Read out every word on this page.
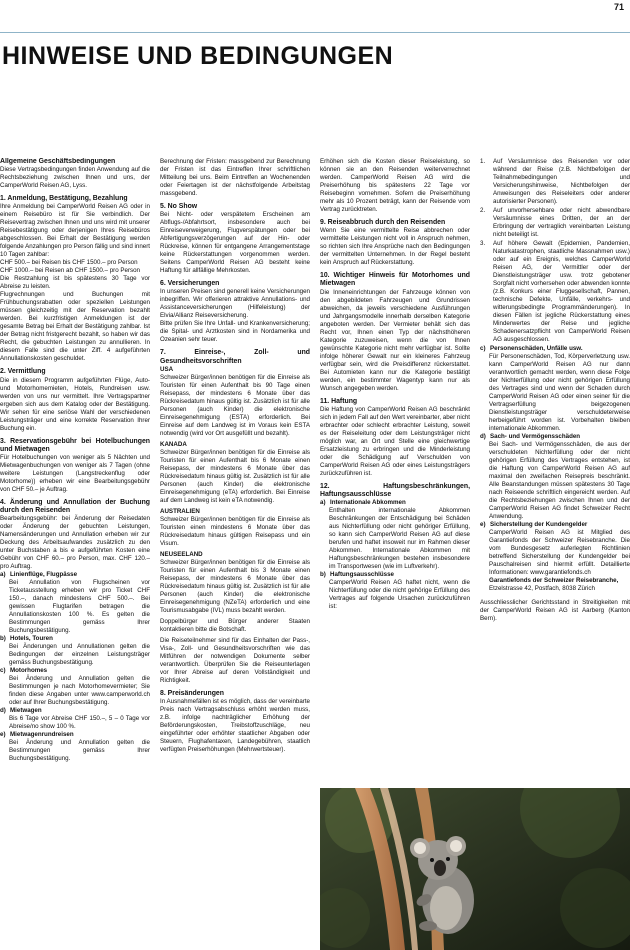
71
HINWEISE UND BEDINGUNGEN
Allgemeine Geschäftsbedingungen

Diese Vertragsbedingungen finden Anwendung auf die Rechtsbeziehung zwischen Ihnen und uns, der CamperWorld Reisen AG, Lyss.

1. Anmeldung, Bestätigung, Bezahlung

Ihre Anmeldung bei CamperWorld Reisen AG oder in einem Reisebüro ist für Sie verbindlich. Der Reisevertrag zwischen Ihnen und uns wird mit unserer Reisebestätigung oder derjenigen Ihres Reisebüros abgeschlossen. Bei Erhalt der Bestätigung werden folgende Anzahlungen pro Person fällig und sind innert 10 Tagen zahlbar:

CHF 500.– bei Reisen bis CHF 1500.– pro Person

CHF 1000.– bei Reisen ab CHF 1500.– pro Person

Die Restzahlung ist bis spätestens 30 Tage vor Abreise zu leisten.

Flugrechnungen und Buchungen mit Frühbuchungsrabatten oder speziellen Leistungen müssen gleichzeitig mit der Reservation bezahlt werden. Bei kurzfristigen Anmeldungen ist der gesamte Betrag bei Erhalt der Bestätigung zahlbar. Ist der Betrag nicht fristgerecht bezahlt, so haben wir das Recht, die gebuchten Leistungen zu annullieren. In diesem Falle sind die unter Ziff. 4 aufgeführten Annullationskosten geschuldet.

2. Vermittlung

Die in diesem Programm aufgeführten Flüge, Auto- und Motorhomemieten, Hotels, Rundreisen usw. werden von uns nur vermittelt. Ihre Vertragspartner ergeben sich aus dem Katalog oder der Bestätigung. Wir sehen für eine seriöse Wahl der verschiedenen Leistungsträger und eine korrekte Reservation Ihrer Buchung ein.

3. Reservationsgebühr bei Hotelbuchungen und Mietwagen

Für Hotelbuchungen von weniger als 5 Nächten und Mietwagenbuchungen von weniger als 7 Tagen (ohne weitere Leistungen (Langstreckenflug oder Motorhome)) erheben wir eine Bearbeitungsgebühr von CHF 50.– je Auftrag.

4. Änderung und Annullation der Buchung durch den Reisenden

Bearbeitungsgebühr: bei Änderung der Reisedaten oder Änderung der gebuchten Leistungen, Namensänderungen und Annullation erheben wir zur Deckung des Arbeitsaufwandes zusätzlich zu den unter Buchstaben a bis e aufgeführten Kosten eine Gebühr von CHF 60.– pro Person, max. CHF 120.– pro Auftrag.

a) Linienflüge, Flugpässe

Bei Annullation von Flugscheinen vor Ticketausstellung erheben wir pro Ticket CHF 150.–, danach mindestens CHF 500.–. Bei gewissen Flugtarifen betragen die Annullationskosten 100 %. Es gelten die Bestimmungen gemäss Ihrer Buchungsbestätigung.

b) Hotels, Touren

Bei Änderungen und Annullationen gelten die Bedingungen der einzelnen Leistungsträger gemäss Buchungsbestätigung.

c) Motorhomes

Bei Änderung und Annullation gelten die Bestimmungen je nach Motorhomevermieter; Sie finden diese Angaben unter www.camperworld.ch oder auf Ihrer Buchungsbestätigung.

d) Mietwagen

Bis 6 Tage vor Abreise CHF 150.–, 5 – 0 Tage vor Abreise/no show 100 %.

e) Mietwagenrundreisen

Bei Änderung und Annullation gelten die Bestimmungen gemäss Ihrer Buchungsbestätigung.

Berechnung der Fristen: massgebend zur Berechnung der Fristen ist das Eintreffen Ihrer schriftlichen Mitteilung bei uns. Beim Eintreffen an Wochenenden oder Feiertagen ist der nächstfolgende Arbeitstag massgebend.

5. No Show

Bei Nicht- oder verspätetem Erscheinen am Abflugs-/Abfahrtsort, insbesondere auch bei Einreiseverweigerung, Flugverspätungen oder bei Abfertigungsverzögerungen auf der Hin- oder Rückreise, können für entgangene Arrangementstage keine Rückerstattungen vorgenommen werden. Seitens CamperWorld Reisen AG besteht keine Haftung für allfällige Mehrkosten.

6. Versicherungen

In unseren Preisen sind generell keine Versicherungen inbegriffen. Wir offerieren attraktive Annullations- und Assistanceversicherungen (Hilfeleistung) der Elvia/Allianz Reiseversicherung.

Bitte prüfen Sie Ihre Unfall- und Krankenversicherung; die Spital- und Arztkosten sind in Nordamerika und Ozeanien sehr teuer.

7. Einreise-, Zoll- und Gesundheitsvorschriften
USA

Schweizer Bürger/innen benötigen für die Einreise als Touristen für einen Aufenthalt bis 90 Tage einen Reisepass, der mindestens 6 Monate über das Rückreisedatum hinaus gültig ist. Zusätzlich ist für alle Personen (auch Kinder) die elektronische Einreisegenehmigung (ESTA) erforderlich. Bei Einreise auf dem Landweg ist im Voraus kein ESTA notwendig (wird vor Ort ausgefüllt und bezahlt).

KANADA

Schweizer Bürger/innen benötigen für die Einreise als Touristen für einen Aufenthalt bis 6 Monate einen Reisepass, der mindestens 6 Monate über das Rückreisedatum hinaus gültig ist. Zusätzlich ist für alle Personen (auch Kinder) die elektronische Einreisegenehmigung (eTA) erforderlich. Bei Einreise auf dem Landweg ist kein eTA notwendig.

AUSTRALIEN

Schweizer Bürger/innen benötigen für die Einreise als Touristen einen mindestens 6 Monate über das Rückreisedatum hinaus gültigen Reisepass und ein Visum.

NEUSEELAND

Schweizer Bürger/innen benötigen für die Einreise als Touristen für einen Aufenthalt bis 3 Monate einen Reisepass, der mindestens 6 Monate über das Rückreisedatum hinaus gültig ist. Zusätzlich ist für alle Personen (auch Kinder) die elektronische Einreisegenehmigung (NZeTA) erforderlich und eine Tourismusabgabe (IVL) muss bezahlt werden.

Doppelbürger und Bürger anderer Staaten kontaktieren bitte die Botschaft.

Die Reiseteilnehmer sind für das Einhalten der Pass-, Visa-, Zoll- und Gesundheitsvorschriften wie das Mitführen der notwendigen Dokumente selber verantwortlich. Überprüfen Sie die Reiseunterlagen vor Ihrer Abreise auf deren Vollständigkeit und Richtigkeit.

8. Preisänderungen

In Ausnahmefällen ist es möglich, dass der vereinbarte Preis nach Vertragsabschluss erhöht werden muss, z.B. infolge nachträglicher Erhöhung der Beförderungskosten, Treibstoffzuschläge, neu eingeführter oder erhöhter staatlicher Abgaben oder Steuern, Flughafentaxen, Landegebühren, staatlich verfügten Preiserhöhungen (Mehrwertsteuer).

Erhöhen sich die Kosten dieser Reiseleistung, so können sie an den Reisenden weiterverrechnet werden. CamperWorld Reisen AG wird die Preiserhöhung bis spätestens 22 Tage vor Reisebeginn vornehmen. Sofern die Preiserhöhung mehr als 10 Prozent beträgt, kann der Reisende vom Vertrag zurücktreten.

9. Reiseabbruch durch den Reisenden

Wenn Sie eine vermittelte Reise abbrechen oder vermittelte Leistungen nicht voll in Anspruch nehmen, so richten sich Ihre Ansprüche nach den Bedingungen der vermittelten Unternehmen. In der Regel besteht kein Anspruch auf Rückerstattung.

10. Wichtiger Hinweis für Motorhomes und Mietwagen

Die Inneneinrichtungen der Fahrzeuge können von den abgebildeten Fahrzeugen und Grundrissen abweichen, da jeweils verschiedene Ausführungen und Jahrgangsmodelle innerhalb derselben Kategorie angeboten werden. Der Vermieter behält sich das Recht vor, Ihnen einen Typ der nächsthöheren Kategorie zuzuweisen, wenn die von Ihnen gewünschte Kategorie nicht mehr verfügbar ist. Sollte infolge höherer Gewalt nur ein kleineres Fahrzeug verfügbar sein, wird die Preisdifferenz rückerstattet. Bei Automieten kann nur die Kategorie bestätigt werden, ein bestimmter Wagentyp kann nur als Wunsch angegeben werden.

11. Haftung

Die Haftung von CamperWorld Reisen AG beschränkt sich in jedem Fall auf den Wert vereinbarter, aber nicht erbrachter oder schlecht erbrachter Leistung, soweit es der Reiseleitung oder dem Leistungsträger nicht möglich war, an Ort und Stelle eine gleichwertige Ersatzleistung zu erbringen und die Minderleistung oder die Schädigung auf Verschulden von CamperWorld Reisen AG oder eines Leistungsträgers zurückzuführen ist.

12. Haftungsbeschränkungen, Haftungsausschlüsse
a) Internationale Abkommen

Enthalten internationale Abkommen Beschränkungen der Entschädigung bei Schäden aus Nichterfüllung oder nicht gehöriger Erfüllung, so kann sich CamperWorld Reisen AG auf diese berufen und haftet insoweit nur im Rahmen dieser Abkommen. Internationale Abkommen mit Haftungsbeschränkungen bestehen insbesondere im Transportwesen (wie im Luftverkehr).

b) Haftungsausschlüsse

CamperWorld Reisen AG haftet nicht, wenn die Nichterfüllung oder die nicht gehörige Erfüllung des Vertrages auf folgende Ursachen zurückzuführen ist:

1.	Auf Versäumnisse des Reisenden vor oder während der Reise (z.B. Nichtbefolgen der Teilnahmebedingungen und Versicherungshinweise, Nichtbefolgen der Anweisungen des Reiseleiters oder anderer autorisierter Personen).
2.	Auf unvorhersehbare oder nicht abwendbare Versäumnisse eines Dritten, der an der Erbringung der vertraglich vereinbarten Leistung nicht beteiligt ist.
3.	Auf höhere Gewalt (Epidemien, Pandemien, Naturkatastrophen, staatliche Massnahmen usw.) oder auf ein Ereignis, welches CamperWorld Reisen AG, der Vermittler oder der Dienstleistungsträger usw. trotz gebotener Sorgfalt nicht vorhersehen oder abwenden konnte (z.B. Konkurs einer Fluggesellschaft, Pannen, technische Defekte, Unfälle, verkehrs- und witterungsbedingte Programmänderungen). In diesen Fällen ist jegliche Rückerstattung eines Minderwertes der Reise und jegliche Schadenersatzpflicht von CamperWorld Reisen AG ausgeschlossen.
c) Personenschäden, Unfälle usw.

Für Personenschäden, Tod, Körperverletzung usw. kann CamperWorld Reisen AG nur dann verantwortlich gemacht werden, wenn diese Folge der Nichterfüllung oder nicht gehörigen Erfüllung des Vertrages sind und wenn der Schaden durch CamperWorld Reisen AG oder einen seiner für die Vertragserfüllung beigezogenen Dienstleistungsträger verschuldeterweise herbeigeführt worden ist. Vorbehalten bleiben internationale Abkommen.

d) Sach- und Vermögensschäden

Bei Sach- und Vermögensschäden, die aus der verschuldeten Nichterfüllung oder der nicht gehörigen Erfüllung des Vertrages entstehen, ist die Haftung von CamperWorld Reisen AG auf maximal den zweifachen Reisepreis beschränkt. Alle Beanstandungen müssen spätestens 30 Tage nach Reiseende schriftlich eingereicht werden. Auf die Rechtsbeziehungen zwischen Ihnen und der CamperWorld Reisen AG findet Schweizer Recht Anwendung.

e) Sicherstellung der Kundengelder

CamperWorld Reisen AG ist Mitglied des Garantiefonds der Schweizer Reisebranche. Die vom Bundesgesetz auferlegten Richtlinien betreffend Sicherstellung der Kundengelder bei Pauschalreisen sind hiermit erfüllt. Detaillierte Informationen: www.garantiefonds.ch

Garantiefonds der Schweizer Reisebranche,

Etzelstrasse 42, Postfach, 8038 Zürich

Ausschliesslicher Gerichtsstand in Streitigkeiten mit der CamperWorld Reisen AG ist Aarberg (Kanton Bern).
